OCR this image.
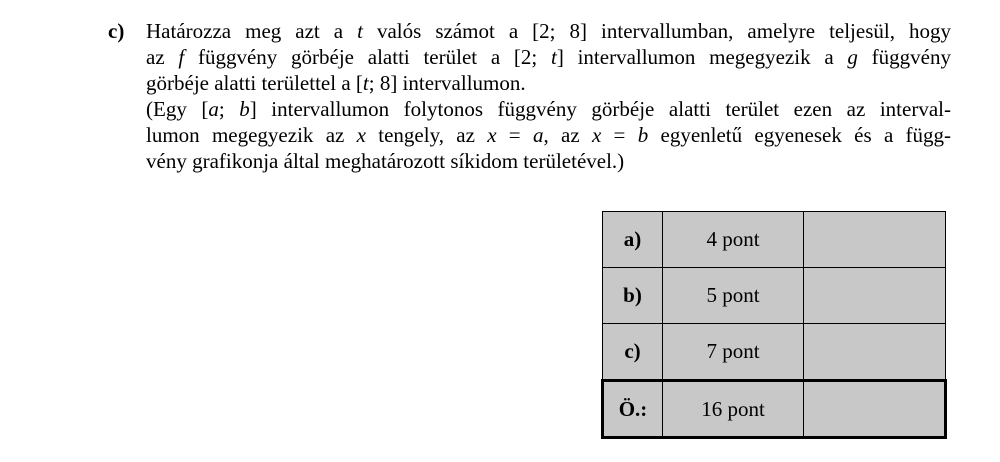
c) Határozza meg azt a t valós számot a [2; 8] intervallumban, amelyre teljesül, hogy
az f függvény görbéje alatti terület a [2; t] intervallumon megegyezik a g függvény
görbéje alatti területtel a [t; 8] intervallumon.
(Egy [a; b] intervallumon folytonos függvény görbéje alatti terület ezen az interval-
lumon megegyezik az x tengely, az x = a, az x = b egyenletű egyenesek és a függ-
vény grafikonja által meghatározott síkidom területével.)
a)	4 pont	
b)	5 pont	
c)	7 pont	
Ö.:	16 pont	
